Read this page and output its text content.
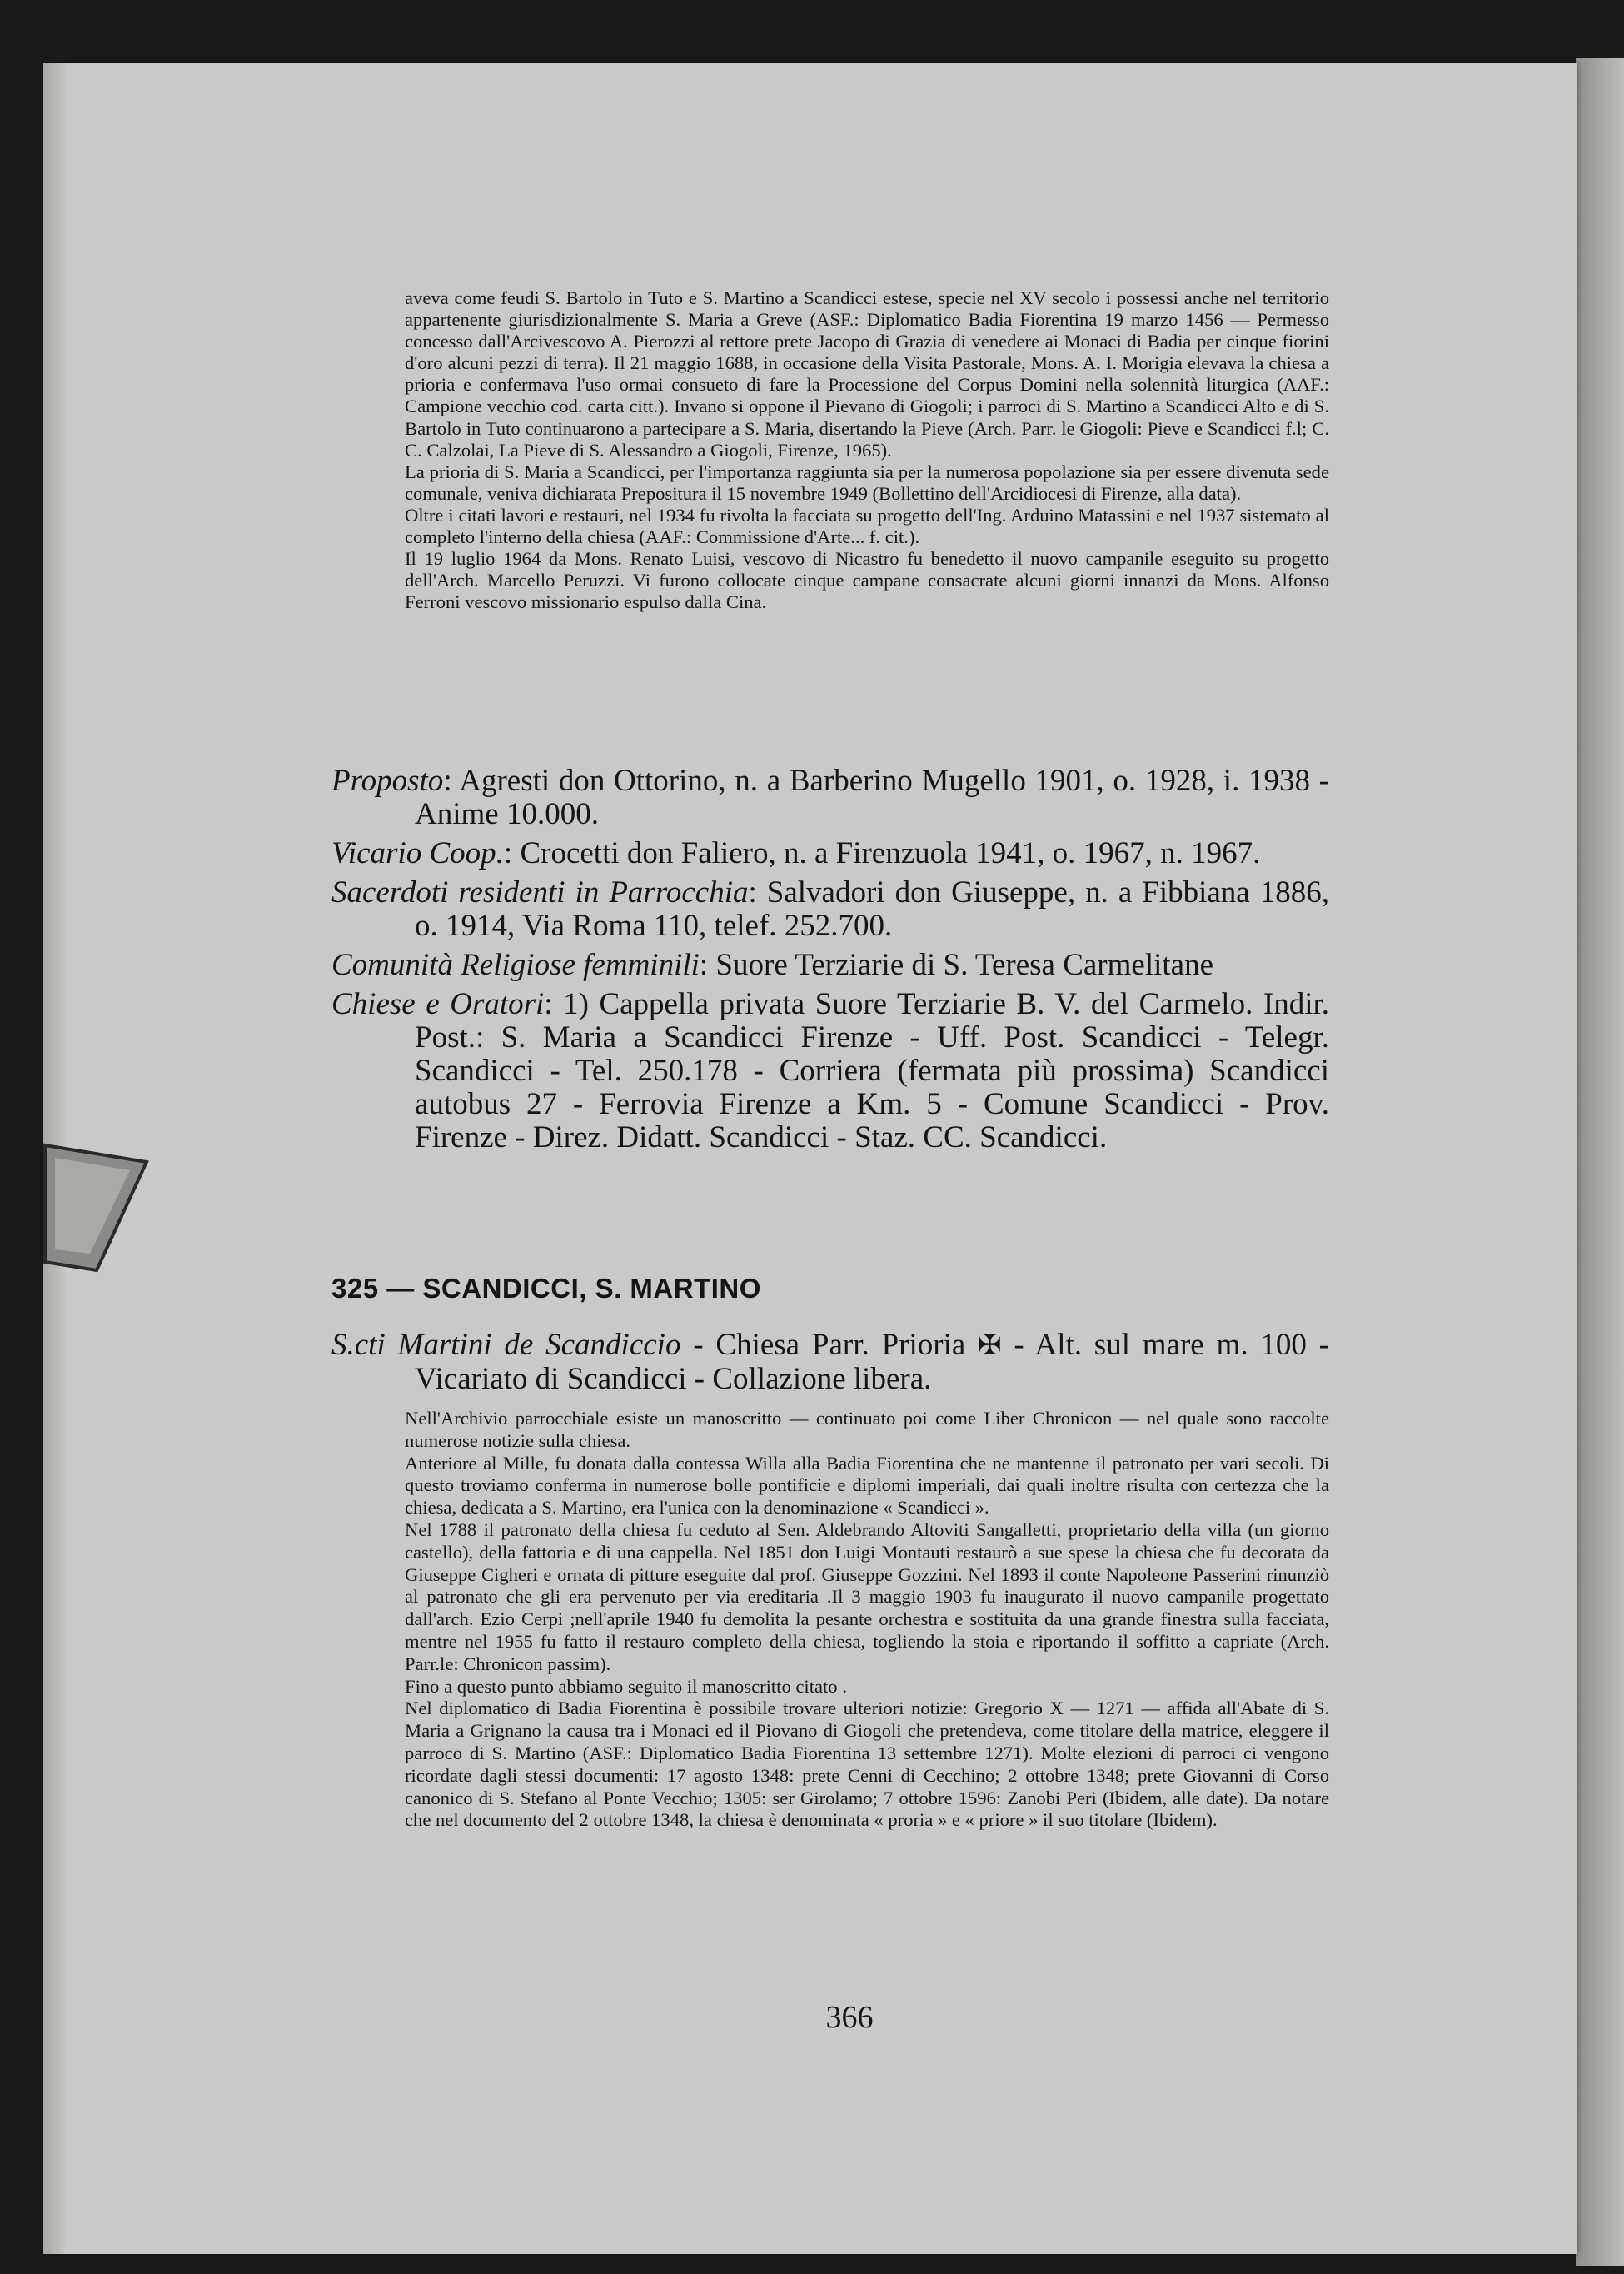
aveva come feudi S. Bartolo in Tuto e S. Martino a Scandicci estese, specie nel XV secolo i possessi anche nel territorio appartenente giurisdizionalmente S. Maria a Greve (ASF.: Diplomatico Badia Fiorentina 19 marzo 1456 — Permesso concesso dall'Arcivescovo A. Pierozzi al rettore prete Jacopo di Grazia di venedere ai Monaci di Badia per cinque fiorini d'oro alcuni pezzi di terra). Il 21 maggio 1688, in occasione della Visita Pastorale, Mons. A. I. Morigia elevava la chiesa a prioria e confermava l'uso ormai consueto di fare la Processione del Corpus Domini nella solennità liturgica (AAF.: Campione vecchio cod. carta citt.). Invano si oppone il Pievano di Giogoli; i parroci di S. Martino a Scandicci Alto e di S. Bartolo in Tuto continuarono a partecipare a S. Maria, disertando la Pieve (Arch. Parr. le Giogoli: Pieve e Scandicci f.l; C. C. Calzolai, La Pieve di S. Alessandro a Giogoli, Firenze, 1965).

La prioria di S. Maria a Scandicci, per l'importanza raggiunta sia per la numerosa popolazione sia per essere divenuta sede comunale, veniva dichiarata Prepositura il 15 novembre 1949 (Bollettino dell'Arcidiocesi di Firenze, alla data).

Oltre i citati lavori e restauri, nel 1934 fu rivolta la facciata su progetto dell'Ing. Arduino Matassini e nel 1937 sistemato al completo l'interno della chiesa (AAF.: Commissione d'Arte... f. cit.).

Il 19 luglio 1964 da Mons. Renato Luisi, vescovo di Nicastro fu benedetto il nuovo campanile eseguito su progetto dell'Arch. Marcello Peruzzi. Vi furono collocate cinque campane consacrate alcuni giorni innanzi da Mons. Alfonso Ferroni vescovo missionario espulso dalla Cina.

Proposto: Agresti don Ottorino, n. a Barberino Mugello 1901, o. 1928, i. 1938 - Anime 10.000.

Vicario Coop.: Crocetti don Faliero, n. a Firenzuola 1941, o. 1967, n. 1967.

Sacerdoti residenti in Parrocchia: Salvadori don Giuseppe, n. a Fibbiana 1886, o. 1914, Via Roma 110, telef. 252.700.

Comunità Religiose femminili: Suore Terziarie di S. Teresa Carmelitane

Chiese e Oratori: 1) Cappella privata Suore Terziarie B. V. del Carmelo. Indir. Post.: S. Maria a Scandicci Firenze - Uff. Post. Scandicci - Telegr. Scandicci - Tel. 250.178 - Corriera (fermata più prossima) Scandicci autobus 27 - Ferrovia Firenze a Km. 5 - Comune Scandicci - Prov. Firenze - Direz. Didatt. Scandicci - Staz. CC. Scandicci.

325 — SCANDICCI, S. MARTINO

S.cti Martini de Scandiccio - Chiesa Parr. Prioria ✠ - Alt. sul mare m. 100 - Vicariato di Scandicci - Collazione libera.

Nell'Archivio parrocchiale esiste un manoscritto — continuato poi come Liber Chronicon — nel quale sono raccolte numerose notizie sulla chiesa.

Anteriore al Mille, fu donata dalla contessa Willa alla Badia Fiorentina che ne mantenne il patronato per vari secoli. Di questo troviamo conferma in numerose bolle pontificie e diplomi imperiali, dai quali inoltre risulta con certezza che la chiesa, dedicata a S. Martino, era l'unica con la denominazione « Scandicci ».

Nel 1788 il patronato della chiesa fu ceduto al Sen. Aldebrando Altoviti Sangalletti, proprietario della villa (un giorno castello), della fattoria e di una cappella. Nel 1851 don Luigi Montauti restaurò a sue spese la chiesa che fu decorata da Giuseppe Cigheri e ornata di pitture eseguite dal prof. Giuseppe Gozzini. Nel 1893 il conte Napoleone Passerini rinunziò al patronato che gli era pervenuto per via ereditaria .Il 3 maggio 1903 fu inaugurato il nuovo campanile progettato dall'arch. Ezio Cerpi ;nell'aprile 1940 fu demolita la pesante orchestra e sostituita da una grande finestra sulla facciata, mentre nel 1955 fu fatto il restauro completo della chiesa, togliendo la stoia e riportando il soffitto a capriate (Arch. Parr.le: Chronicon passim).

Fino a questo punto abbiamo seguito il manoscritto citato .

Nel diplomatico di Badia Fiorentina è possibile trovare ulteriori notizie: Gregorio X — 1271 — affida all'Abate di S. Maria a Grignano la causa tra i Monaci ed il Piovano di Giogoli che pretendeva, come titolare della matrice, eleggere il parroco di S. Martino (ASF.: Diplomatico Badia Fiorentina 13 settembre 1271). Molte elezioni di parroci ci vengono ricordate dagli stessi documenti: 17 agosto 1348: prete Cenni di Cecchino; 2 ottobre 1348; prete Giovanni di Corso canonico di S. Stefano al Ponte Vecchio; 1305: ser Girolamo; 7 ottobre 1596: Zanobi Peri (Ibidem, alle date). Da notare che nel documento del 2 ottobre 1348, la chiesa è denominata « proria » e « priore » il suo titolare (Ibidem).

366
